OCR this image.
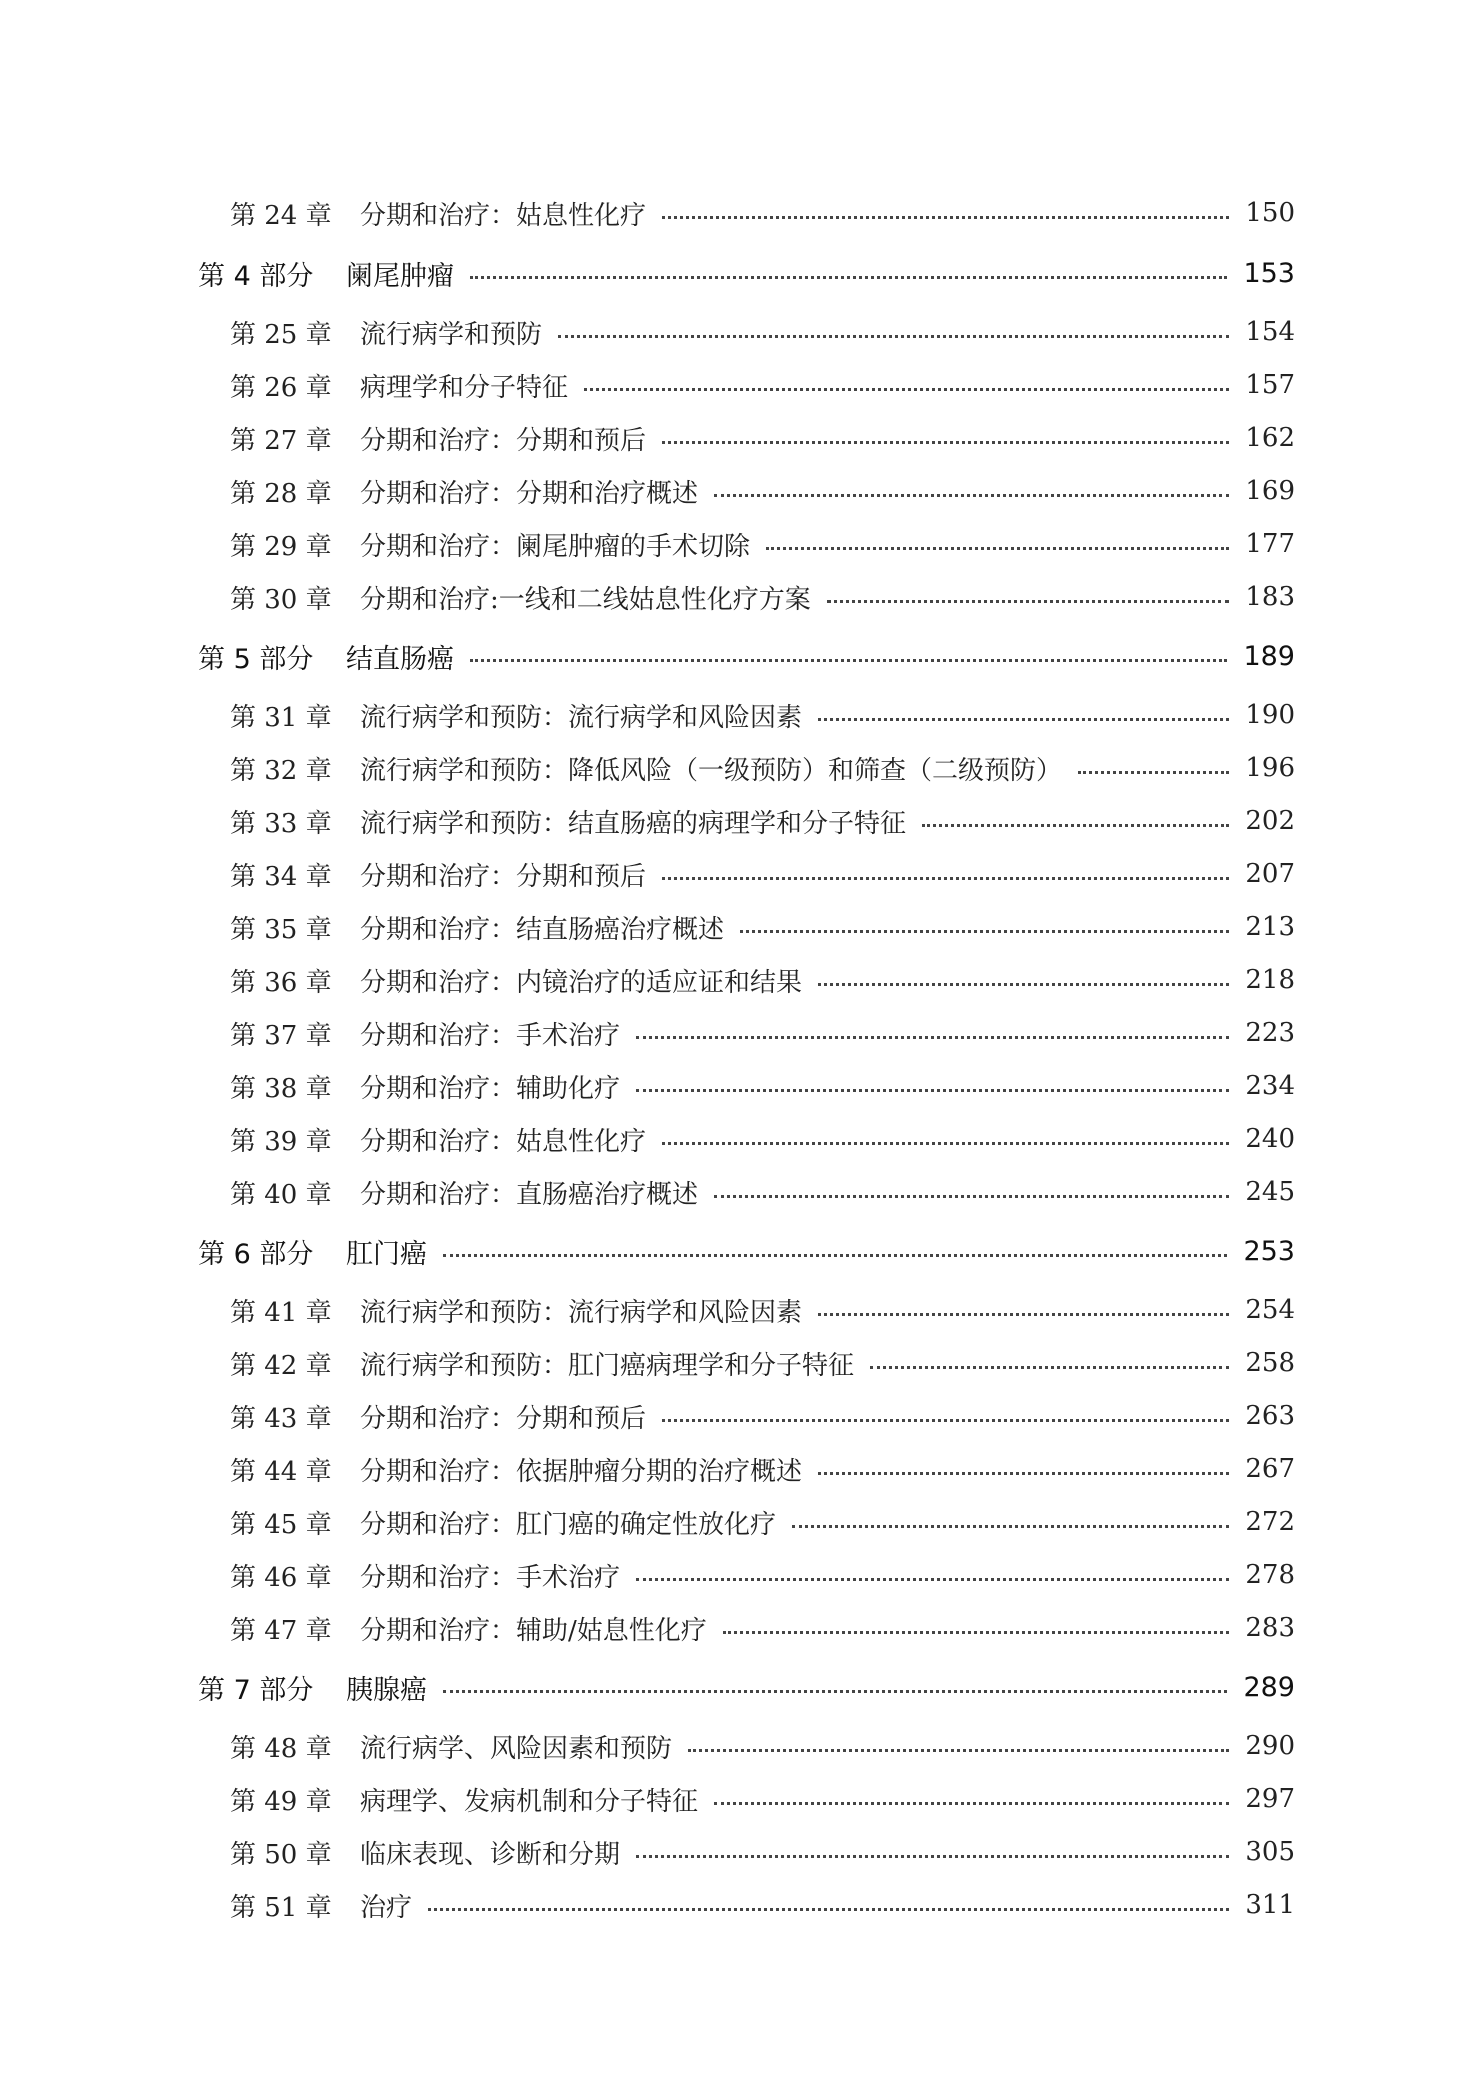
第 24 章	分期和治疗：姑息性化疗	150
第 4 部分	阑尾肿瘤	153
第 25 章	流行病学和预防	154
第 26 章	病理学和分子特征	157
第 27 章	分期和治疗：分期和预后	162
第 28 章	分期和治疗：分期和治疗概述	169
第 29 章	分期和治疗：阑尾肿瘤的手术切除	177
第 30 章	分期和治疗:一线和二线姑息性化疗方案	183
第 5 部分	结直肠癌	189
第 31 章	流行病学和预防：流行病学和风险因素	190
第 32 章	流行病学和预防：降低风险（一级预防）和筛查（二级预防）	196
第 33 章	流行病学和预防：结直肠癌的病理学和分子特征	202
第 34 章	分期和治疗：分期和预后	207
第 35 章	分期和治疗：结直肠癌治疗概述	213
第 36 章	分期和治疗：内镜治疗的适应证和结果	218
第 37 章	分期和治疗：手术治疗	223
第 38 章	分期和治疗：辅助化疗	234
第 39 章	分期和治疗：姑息性化疗	240
第 40 章	分期和治疗：直肠癌治疗概述	245
第 6 部分	肛门癌	253
第 41 章	流行病学和预防：流行病学和风险因素	254
第 42 章	流行病学和预防：肛门癌病理学和分子特征	258
第 43 章	分期和治疗：分期和预后	263
第 44 章	分期和治疗：依据肿瘤分期的治疗概述	267
第 45 章	分期和治疗：肛门癌的确定性放化疗	272
第 46 章	分期和治疗：手术治疗	278
第 47 章	分期和治疗：辅助/姑息性化疗	283
第 7 部分	胰腺癌	289
第 48 章	流行病学、风险因素和预防	290
第 49 章	病理学、发病机制和分子特征	297
第 50 章	临床表现、诊断和分期	305
第 51 章	治疗	311
